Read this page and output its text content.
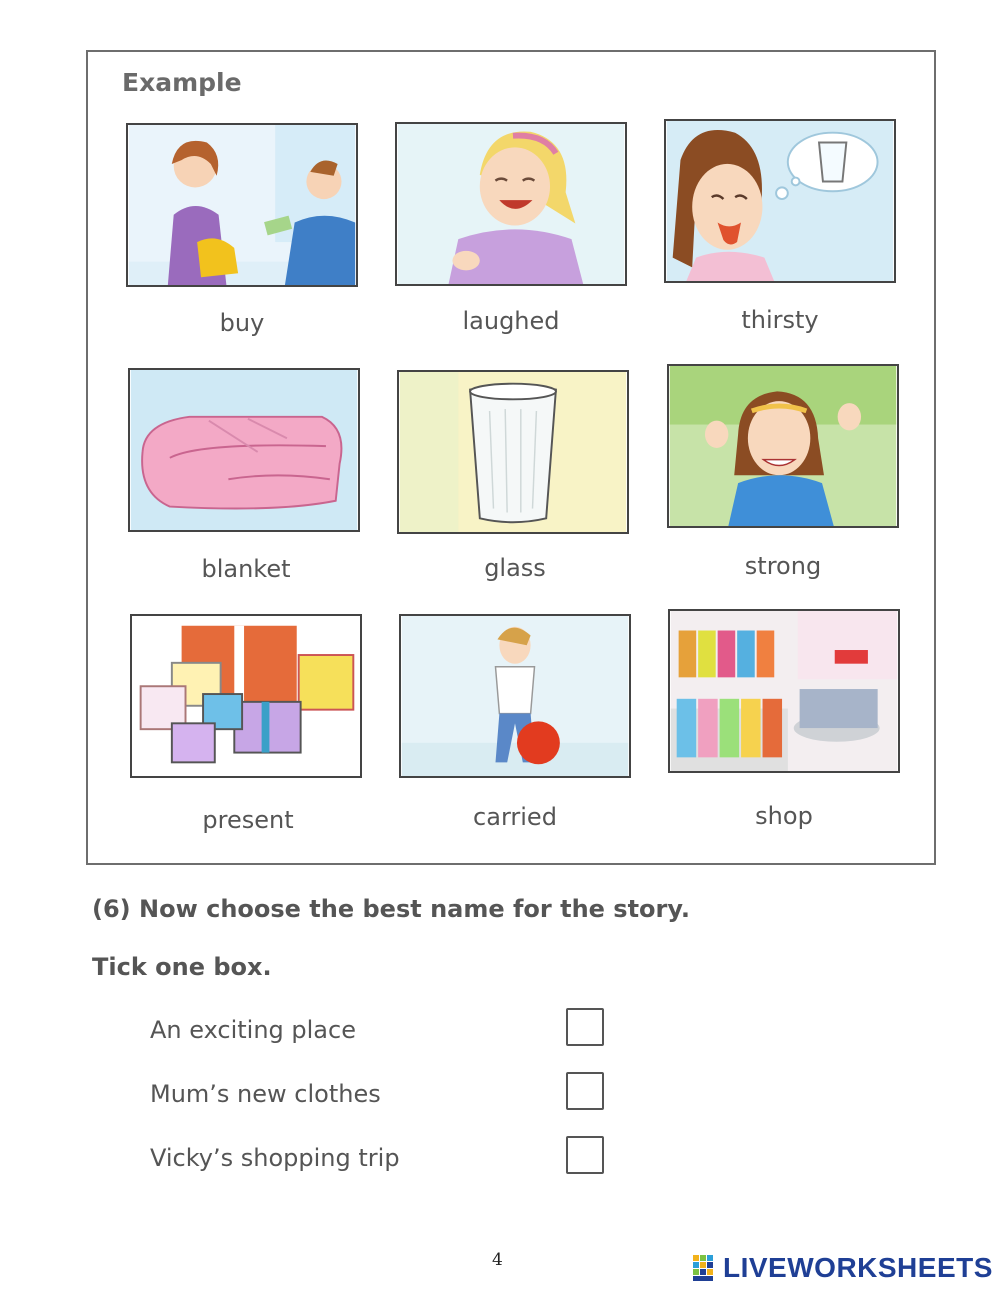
Example
buy	laughed	thirsty
blanket	glass	strong
present	carried	shop
(6) Now choose the best name for the story.
Tick one box.
An exciting place
Mum’s new clothes
Vicky’s shopping trip
4	LIVEWORKSHEETS
